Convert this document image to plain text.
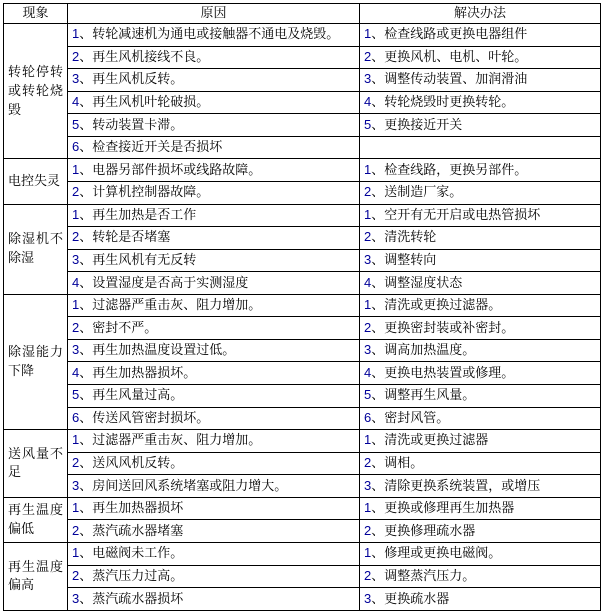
现象	原因	解决办法
转轮停转或转轮烧毁	1、转轮减速机为通电或接触器不通电及烧毁。	1、检查线路或更换电器组件
	2、再生风机接线不良。	2、更换风机、电机、叶轮。
	3、再生风机反转。	3、调整传动装置、加润滑油
	4、再生风机叶轮破损。	4、转轮烧毁时更换转轮。
	5、转动装置卡滞。	5、更换接近开关
	6、检查接近开关是否损坏	
电控失灵	1、电器另部件损坏或线路故障。	1、检查线路，更换另部件。
	2、计算机控制器故障。	2、送制造厂家。
除湿机不除湿	1、再生加热是否工作	1、空开有无开启或电热管损坏
	2、转轮是否堵塞	2、清洗转轮
	3、再生风机有无反转	3、调整转向
	4、设置湿度是否高于实测湿度	4、调整湿度状态
除湿能力下降	1、过滤器严重击灰、阻力增加。	1、清洗或更换过滤器。
	2、密封不严。	2、更换密封装或补密封。
	3、再生加热温度设置过低。	3、调高加热温度。
	4、再生加热器损坏。	4、更换电热装置或修理。
	5、再生风量过高。	5、调整再生风量。
	6、传送风管密封损坏。	6、密封风管。
送风量不足	1、过滤器严重击灰、阻力增加。	1、清洗或更换过滤器
	2、送风风机反转。	2、调相。
	3、房间送回风系统堵塞或阻力增大。	3、清除更换系统装置，或增压
再生温度偏低	1、再生加热器损坏	1、更换或修理再生加热器
	2、蒸汽疏水器堵塞	2、更换修理疏水器
再生温度偏高	1、电磁阀未工作。	1、修理或更换电磁阀。
	2、蒸汽压力过高。	2、调整蒸汽压力。
	3、蒸汽疏水器损坏	3、更换疏水器
